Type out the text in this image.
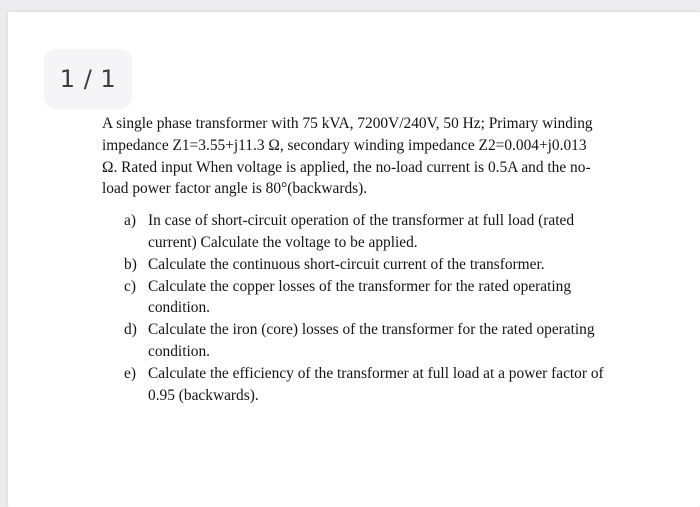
1 / 1

A single phase transformer with 75 kVA, 7200V/240V, 50 Hz; Primary winding
impedance Z1=3.55+j11.3 Ω, secondary winding impedance Z2=0.004+j0.013
Ω. Rated input When voltage is applied, the no-load current is 0.5A and the no-
load power factor angle is 80°(backwards).

a) In case of short-circuit operation of the transformer at full load (rated
current) Calculate the voltage to be applied.
b) Calculate the continuous short-circuit current of the transformer.
c) Calculate the copper losses of the transformer for the rated operating
condition.
d) Calculate the iron (core) losses of the transformer for the rated operating
condition.
e) Calculate the efficiency of the transformer at full load at a power factor of
0.95 (backwards).
